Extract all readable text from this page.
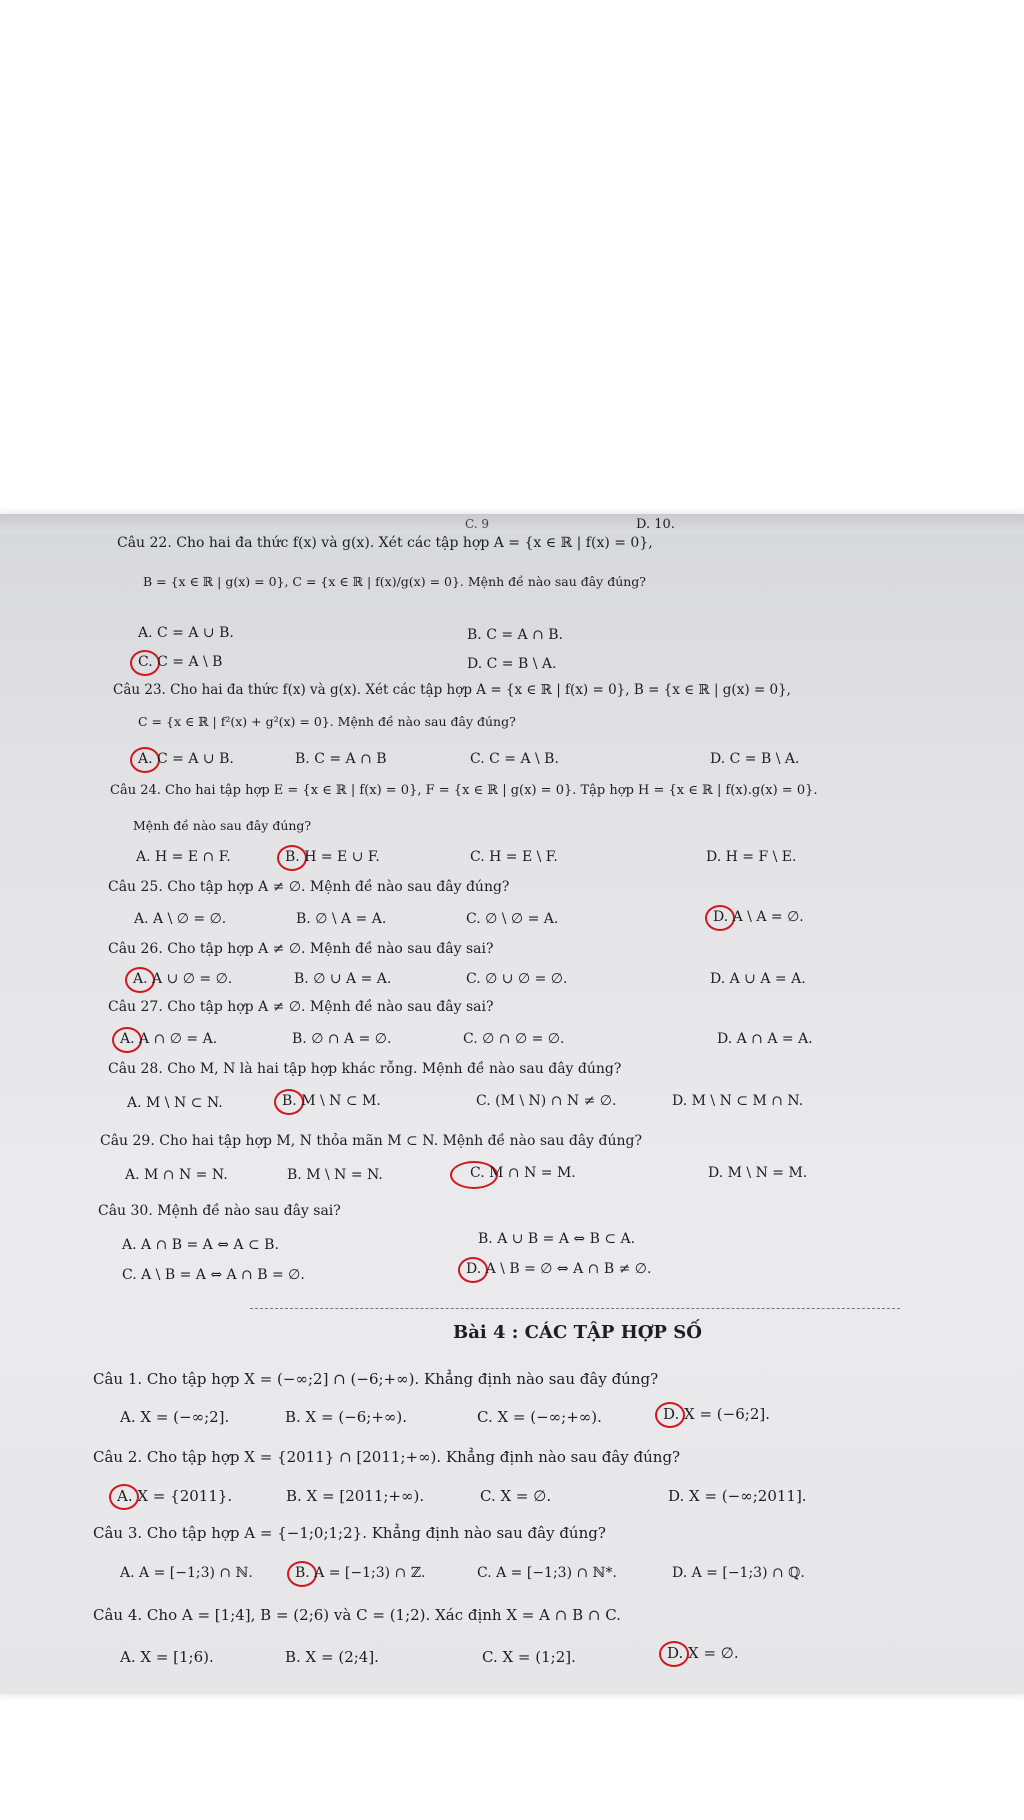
C. 9	D. 10.
Câu 22. Cho hai đa thức f(x) và g(x). Xét các tập hợp A = {x ∈ ℝ | f(x) = 0},
B = {x ∈ ℝ | g(x) = 0}, C = {x ∈ ℝ | f(x)/g(x) = 0}. Mệnh đề nào sau đây đúng?
A. C = A ∪ B.	B. C = A ∩ B.
C. C = A \ B	D. C = B \ A.
Câu 23. Cho hai đa thức f(x) và g(x). Xét các tập hợp A = {x ∈ ℝ | f(x) = 0}, B = {x ∈ ℝ | g(x) = 0},
C = {x ∈ ℝ | f²(x) + g²(x) = 0}. Mệnh đề nào sau đây đúng?
A. C = A ∪ B.	B. C = A ∩ B	C. C = A \ B.	D. C = B \ A.
Câu 24. Cho hai tập hợp E = {x ∈ ℝ | f(x) = 0}, F = {x ∈ ℝ | g(x) = 0}. Tập hợp H = {x ∈ ℝ | f(x).g(x) = 0}.
Mệnh đề nào sau đây đúng?
A. H = E ∩ F.	B. H = E ∪ F.	C. H = E \ F.	D. H = F \ E.
Câu 25. Cho tập hợp A ≠ ∅. Mệnh đề nào sau đây đúng?
A. A \ ∅ = ∅.	B. ∅ \ A = A.	C. ∅ \ ∅ = A.	D. A \ A = ∅.
Câu 26. Cho tập hợp A ≠ ∅. Mệnh đề nào sau đây sai?
A. A ∪ ∅ = ∅.	B. ∅ ∪ A = A.	C. ∅ ∪ ∅ = ∅.	D. A ∪ A = A.
Câu 27. Cho tập hợp A ≠ ∅. Mệnh đề nào sau đây sai?
A. A ∩ ∅ = A.	B. ∅ ∩ A = ∅.	C. ∅ ∩ ∅ = ∅.	D. A ∩ A = A.
Câu 28. Cho M, N là hai tập hợp khác rỗng. Mệnh đề nào sau đây đúng?
A. M \ N ⊂ N.	B. M \ N ⊂ M.	C. (M \ N) ∩ N ≠ ∅.	D. M \ N ⊂ M ∩ N.
Câu 29. Cho hai tập hợp M, N thỏa mãn M ⊂ N. Mệnh đề nào sau đây đúng?
A. M ∩ N = N.	B. M \ N = N.	C. M ∩ N = M.	D. M \ N = M.
Câu 30. Mệnh đề nào sau đây sai?
A. A ∩ B = A ⇔ A ⊂ B.	B. A ∪ B = A ⇔ B ⊂ A.
C. A \ B = A ⇔ A ∩ B = ∅.	D. A \ B = ∅ ⇔ A ∩ B ≠ ∅.
Bài 4 : CÁC TẬP HỢP SỐ
Câu 1. Cho tập hợp X = (−∞;2] ∩ (−6;+∞). Khẳng định nào sau đây đúng?
A. X = (−∞;2].	B. X = (−6;+∞).	C. X = (−∞;+∞).	D. X = (−6;2].
Câu 2. Cho tập hợp X = {2011} ∩ [2011;+∞). Khẳng định nào sau đây đúng?
A. X = {2011}.	B. X = [2011;+∞).	C. X = ∅.	D. X = (−∞;2011].
Câu 3. Cho tập hợp A = {−1;0;1;2}. Khẳng định nào sau đây đúng?
A. A = [−1;3) ∩ ℕ.	B. A = [−1;3) ∩ ℤ.	C. A = [−1;3) ∩ ℕ*.	D. A = [−1;3) ∩ ℚ.
Câu 4. Cho A = [1;4], B = (2;6) và C = (1;2). Xác định X = A ∩ B ∩ C.
A. X = [1;6).	B. X = (2;4].	C. X = (1;2].	D. X = ∅.
